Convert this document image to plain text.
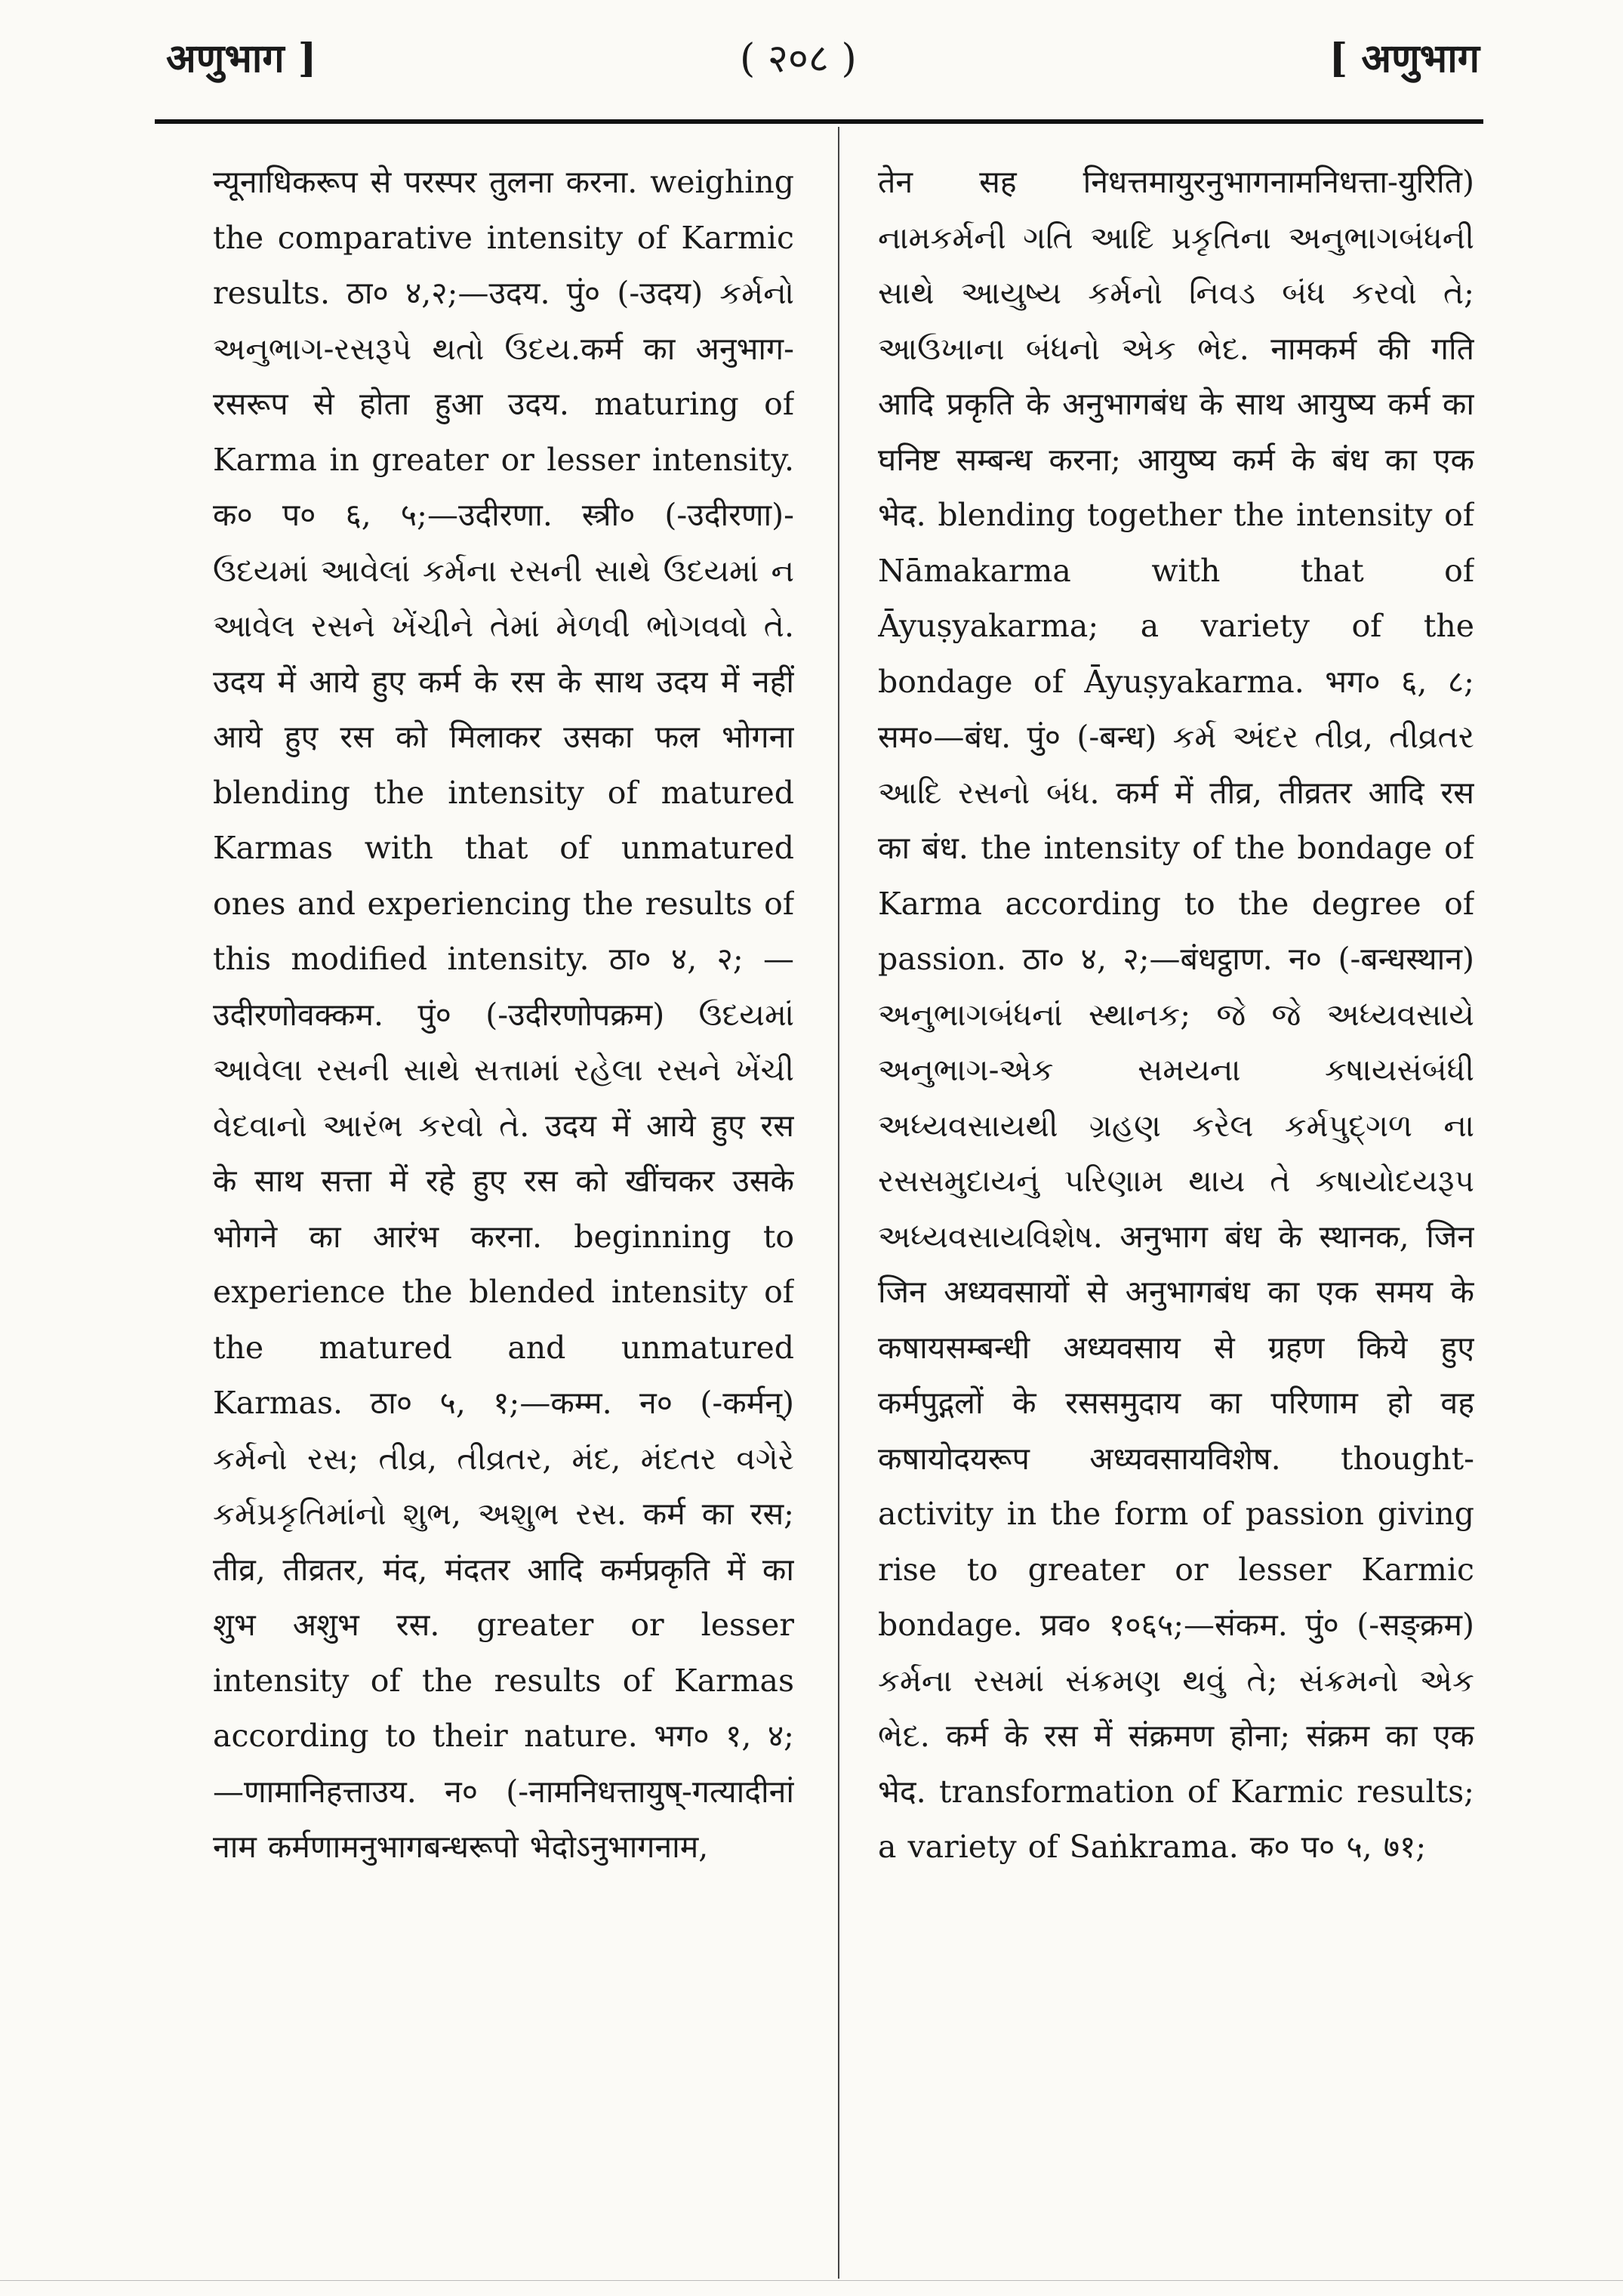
अणुभाग ]	( २०८ )	[ अणुभाग

न्यूनाधिकरूप से परस्पर तुलना करना. weighing the comparative intensity of Karmic results. ठा० ४,२;—उदय. पुं० (-उदय) કર્મનો અનુભાગ-રસરૂપે થતો ઉદય.कर्म का अनुभाग-रसरूप से होता हुआ उदय. maturing of Karma in greater or lesser intensity. क० प० ६, ५;—उदीरणा. स्त्री० (-उदीरणा)-ઉદયમાં આવેલાં કર્મના રસની સાથે ઉદયમાં ન આવેલ રસને ખેંચીને તેમાં મેળવી ભોગવવો તે. उदय में आये हुए कर्म के रस के साथ उदय में नहीं आये हुए रस को मिलाकर उसका फल भोगना blending the intensity of matured Karmas with that of unmatured ones and experiencing the results of this modified intensity. ठा० ४, २; —उदीरणोवक्कम. पुं० (-उदीरणोपक्रम) ઉદયમાં આવેલા રસની સાથે સત્તામાં રહેલા રસને ખેંચી વેદવાનો આરંભ કરવો તે. उदय में आये हुए रस के साथ सत्ता में रहे हुए रस को खींचकर उसके भोगने का आरंभ करना. beginning to experience the blended intensity of the matured and unmatured Karmas. ठा० ५, १;—कम्म. न० (-कर्मन्) કર્મનો રસ; તીવ્ર, તીવ્રતર, મંદ, મંદતર વગેરે કર્મપ્રકૃતિમાંનો શુભ, અશુભ રસ. कर्म का रस; तीव्र, तीव्रतर, मंद, मंदतर आदि कर्मप्रकृति में का शुभ अशुभ रस. greater or lesser intensity of the results of Karmas according to their nature. भग० १, ४;—णामानिहत्ताउय. न० (-नामनिधत्तायुष्-गत्यादीनां नाम कर्मणामनुभागबन्धरूपो भेदोऽनुभागनाम,

तेन सह निधत्तमायुरनुभागनामनिधत्ता-युरिति) નામકર્મની ગતિ આદિ પ્રકૃતિના અનુભાગબંધની સાથે આયુષ્ય કર્મનો નિવડ બંધ કરવો તે; આઉખાના બંધનો એક ભેદ. नामकर्म की गति आदि प्रकृति के अनुभागबंध के साथ आयुष्य कर्म का घनिष्ट सम्बन्ध करना; आयुष्य कर्म के बंध का एक भेद. blending together the intensity of Nāmakarma with that of Āyuṣyakarma; a variety of the bondage of Āyuṣyakarma. भग० ६, ८; सम०—बंध. पुं० (-बन्ध) કર્મ અંદર તીવ્ર, તીવ્રતર આદિ રસનો બંધ. कर्म में तीव्र, तीव्रतर आदि रस का बंध. the intensity of the bondage of Karma according to the degree of passion. ठा० ४, २;—बंधट्ठाण. न० (-बन्धस्थान) અનુભાગબંધનાં સ્થાનક; જે જે અધ્યવસાયે અનુભાગ-એક સમયના કષાયસંબંધી અધ્યવસાયથી ગ્રહણ કરેલ કર્મપુદ્ગળ ના રસસમુદાયનું પરિણામ થાય તે કષાયોદયરૂપ અધ્યવસાયવિશેષ. अनुभाग बंध के स्थानक, जिन जिन अध्यवसायों से अनुभागबंध का एक समय के कषायसम्बन्धी अध्यवसाय से ग्रहण किये हुए कर्मपुद्गलों के रससमुदाय का परिणाम हो वह कषायोदयरूप अध्यवसायविशेष. thought-activity in the form of passion giving rise to greater or lesser Karmic bondage. प्रव० १०६५;—संकम. पुं० (-सङ्क्रम) કર્મના રસમાં સંક્રમણ થવું તે; સંક્રમનો એક ભેદ. कर्म के रस में संक्रमण होना; संक्रम का एक भेद. transformation of Karmic results; a variety of Saṅkrama. क० प० ५, ७१;
